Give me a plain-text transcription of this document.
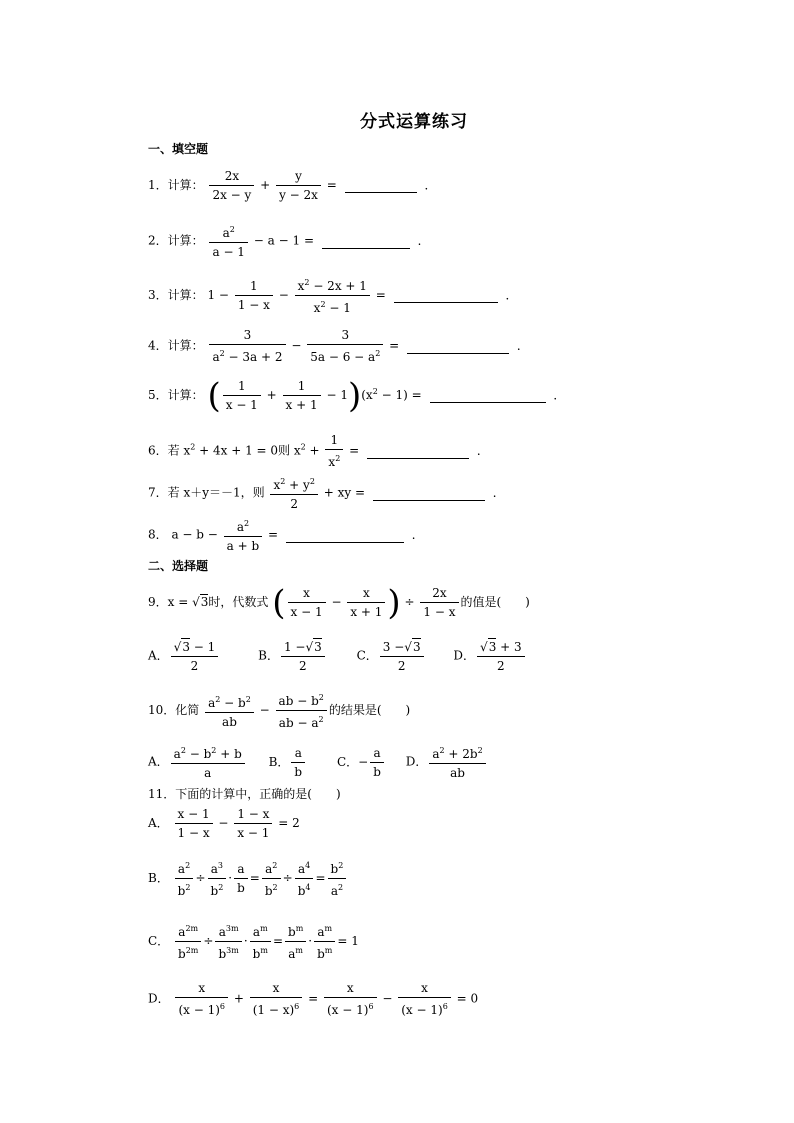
分式运算练习
一、填空题
1．计算： $\frac{2x}{2x - y} + \frac{y}{y - 2x}$ =	．
2．计算： $\frac{a^2}{a - 1} - a - 1$ =	．
3．计算： $1 - \frac{1}{1 - x} - \frac{x^2 - 2x + 1}{x^2 - 1}$ =	．
4．计算： $\frac{3}{a^2 - 3a + 2} - \frac{3}{5a - 6 - a^2}$ =	．
5．计算： ( $\frac{1}{x - 1} + \frac{1}{x + 1} - 1)(x^2 - 1)$ =	．
6．若 $x^2 + 4x + 1 = 0$则 $x^2 + \frac{1}{x^2}$ =	．
7．若 x＋y＝－1，则 $\frac{x^2 + y^2}{2}$ + xy =	．
8． $a - b - \frac{a^2}{a + b}$ =	．
二、选择题
9．x = √3时，代数式 ( $\frac{x}{x - 1} - \frac{x}{x + 1}$ ) ÷ $\frac{2x}{1 - x}$ 的值是(　　)
A． $\frac{√3 - 1}{2}$	B． $\frac{1 -√3}{2}$	C． $\frac{3 -√3}{2}$ D． $\frac{√3 + 3}{2}$
10．化简 $\frac{a^2 - b^2}{ab} - \frac{ab - b^2}{ab - a^2}$ 的结果是(　　)
A． $\frac{a^2 - b^2 + b}{a}$ B． $\frac{a}{b}$	C．− $\frac{a}{b}$ D． $\frac{a^2 + 2b^2}{ab}$
11．下面的计算中，正确的是(　　)
A． $\frac{x - 1}{1 - x} - \frac{1 - x}{x - 1} = 2$
B． $\frac{a^2}{b^2} \div \frac{a^3}{b^2} \cdot \frac{a}{b} = \frac{a^2}{b^2} \div \frac{a^4}{b^4} = \frac{b^2}{a^2}$
C． $\frac{a^{2m}}{b^{2m}} \div \frac{a^{3m}}{b^{3m}} \cdot \frac{a^m}{b^m} = \frac{b^m}{a^m} \cdot \frac{a^m}{b^m} = 1$
D． $\frac{x}{(x - 1)^6} + \frac{x}{(1 - x)^6} = \frac{x}{(x - 1)^6} - \frac{x}{(x - 1)^6} = 0$
